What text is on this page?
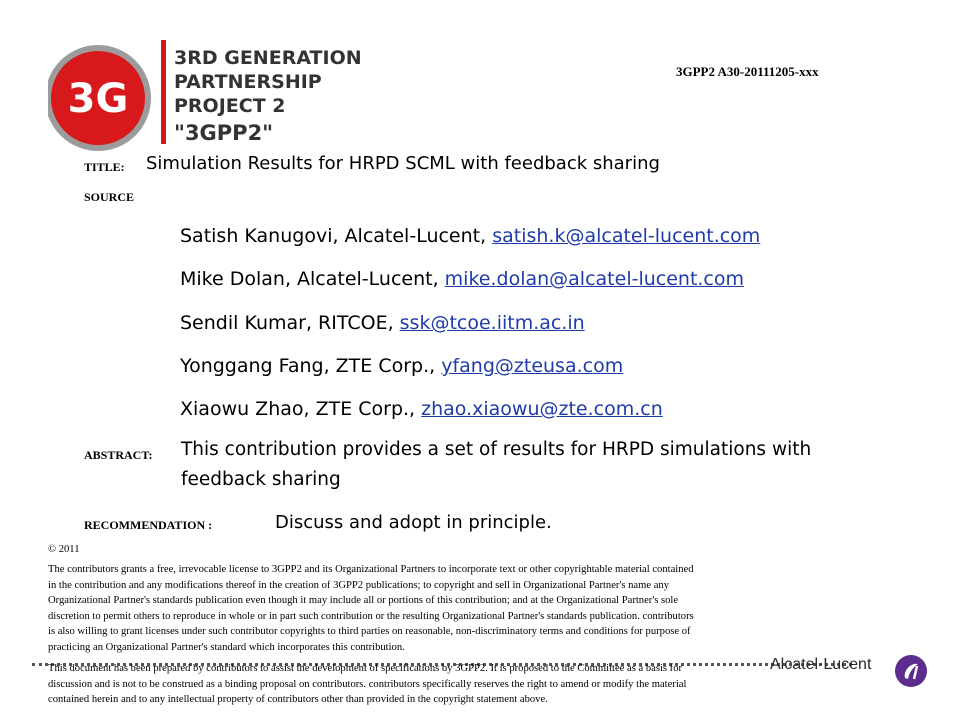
3G
3RD GENERATION
PARTNERSHIP
PROJECT 2
"3GPP2"
3GPP2 A30-20111205-xxx
TITLE: Simulation Results for HRPD SCML with feedback sharing
SOURCE
Satish Kanugovi, Alcatel-Lucent, satish.k@alcatel-lucent.com
Mike Dolan, Alcatel-Lucent, mike.dolan@alcatel-lucent.com
Sendil Kumar, RITCOE, ssk@tcoe.iitm.ac.in
Yonggang Fang, ZTE Corp., yfang@zteusa.com
Xiaowu Zhao, ZTE Corp., zhao.xiaowu@zte.com.cn
ABSTRACT: This contribution provides a set of results for HRPD simulations with
feedback sharing
RECOMMENDATION :	Discuss and adopt in principle.
© 2011
The contributors grants a free, irrevocable license to 3GPP2 and its Organizational Partners to incorporate text or other copyrightable material contained
in the contribution and any modifications thereof in the creation of 3GPP2 publications; to copyright and sell in Organizational Partner's name any
Organizational Partner's standards publication even though it may include all or portions of this contribution; and at the Organizational Partner's sole
discretion to permit others to reproduce in whole or in part such contribution or the resulting Organizational Partner's standards publication. contributors
is also willing to grant licenses under such contributor copyrights to third parties on reasonable, non-discriminatory terms and conditions for purpose of
practicing an Organizational Partner's standard which incorporates this contribution.
Alcatel·Lucent
This document has been prepared by contributors to assist the development of specifications by 3GPP2. It is proposed to the Committee as a basis for
discussion and is not to be construed as a binding proposal on contributors. contributors specifically reserves the right to amend or modify the material
contained herein and to any intellectual property of contributors other than provided in the copyright statement above.
